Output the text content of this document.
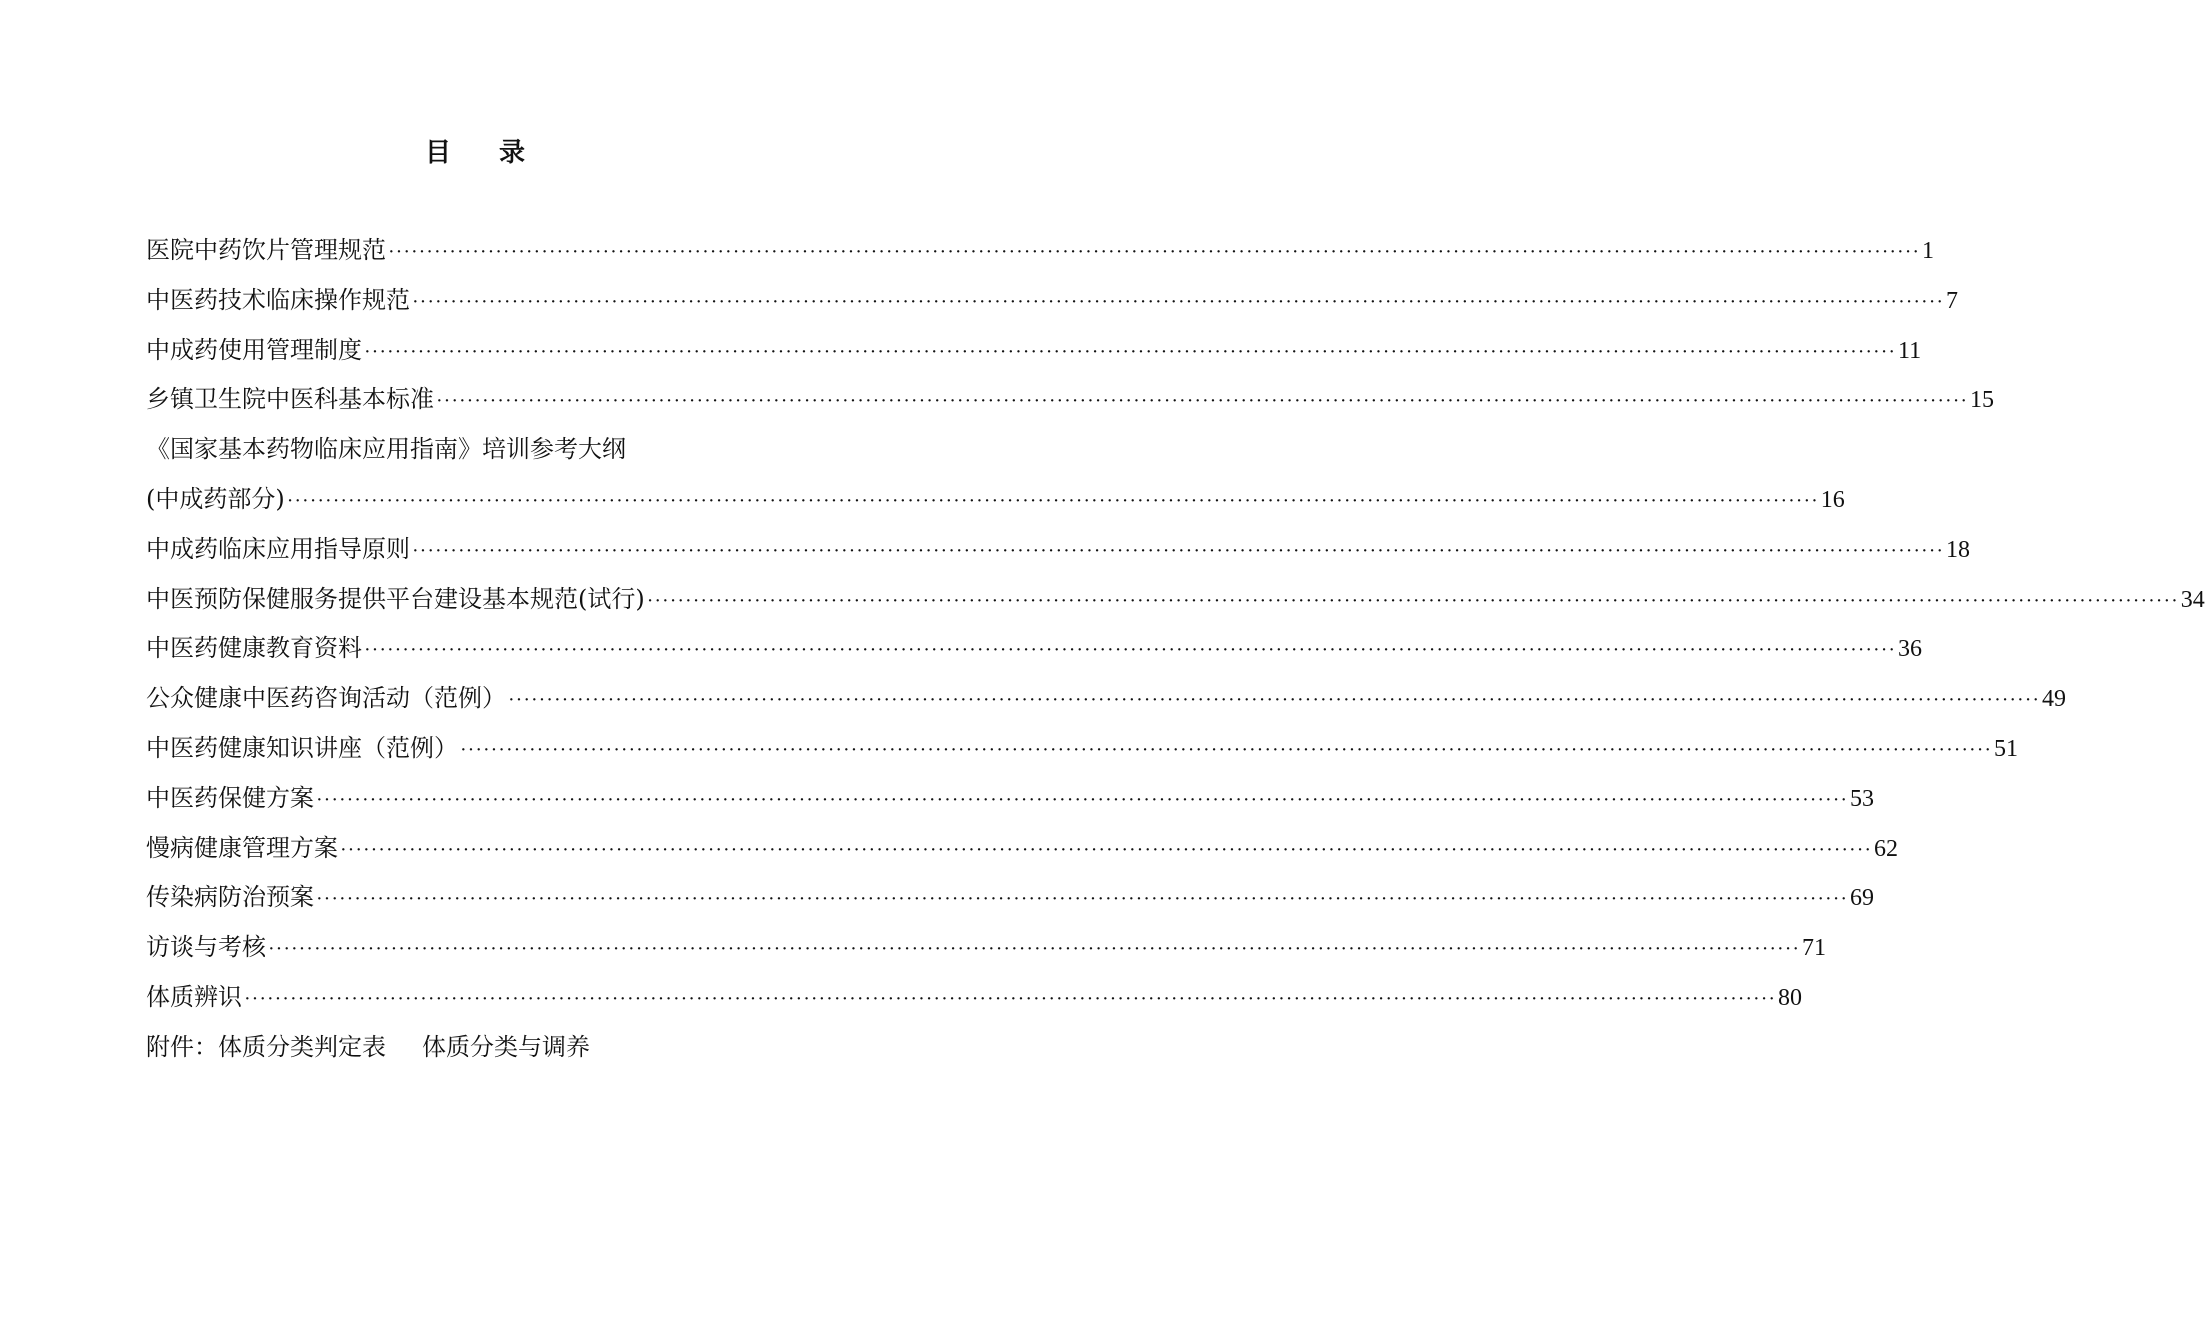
目 录
医院中药饮片管理规范 ········································································································································································································ 1
中医药技术临床操作规范 ········································································································································································································ 7
中成药使用管理制度 ········································································································································································································ 11
乡镇卫生院中医科基本标准 ········································································································································································································ 15
《国家基本药物临床应用指南》培训参考大纲
(中成药部分) ········································································································································································································ 16
中成药临床应用指导原则 ········································································································································································································ 18
中医预防保健服务提供平台建设基本规范(试行) ········································································································································································································ 34
中医药健康教育资料 ········································································································································································································ 36
公众健康中医药咨询活动（范例） ········································································································································································································ 49
中医药健康知识讲座（范例） ········································································································································································································ 51
中医药保健方案 ········································································································································································································ 53
慢病健康管理方案 ········································································································································································································ 62
传染病防治预案 ········································································································································································································ 69
访谈与考核 ········································································································································································································ 71
体质辨识 ········································································································································································································ 80
附件：体质分类判定表 体质分类与调养
